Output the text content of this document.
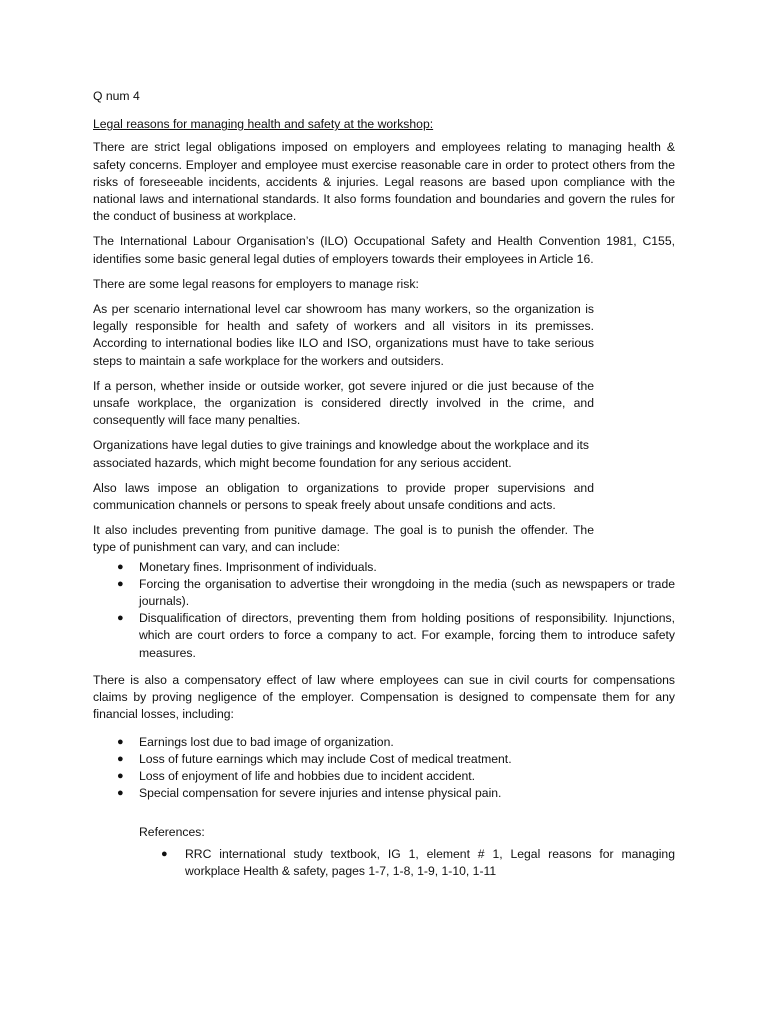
Q num 4

Legal reasons for managing health and safety at the workshop:

There are strict legal obligations imposed on employers and employees relating to managing health & safety concerns. Employer and employee must exercise reasonable care in order to protect others from the risks of foreseeable incidents, accidents & injuries. Legal reasons are based upon compliance with the national laws and international standards. It also forms foundation and boundaries and govern the rules for the conduct of business at workplace.

The International Labour Organisation’s (ILO) Occupational Safety and Health Convention 1981, C155, identifies some basic general legal duties of employers towards their employees in Article 16.

There are some legal reasons for employers to manage risk:

As per scenario international level car showroom has many workers, so the organization is legally responsible for health and safety of workers and all visitors in its premisses. According to international bodies like ILO and ISO, organizations must have to take serious steps to maintain a safe workplace for the workers and outsiders.

If a person, whether inside or outside worker, got severe injured or die just because of the unsafe workplace, the organization is considered directly involved in the crime, and consequently will face many penalties.

Organizations have legal duties to give trainings and knowledge about the workplace and its associated hazards, which might become foundation for any serious accident.

Also laws impose an obligation to organizations to provide proper supervisions and communication channels or persons to speak freely about unsafe conditions and acts.

It also includes preventing from punitive damage. The goal is to punish the offender. The type of punishment can vary, and can include:

● Monetary fines. Imprisonment of individuals.
● Forcing the organisation to advertise their wrongdoing in the media (such as newspapers or trade journals).
● Disqualification of directors, preventing them from holding positions of responsibility. Injunctions, which are court orders to force a company to act. For example, forcing them to introduce safety measures.

There is also a compensatory effect of law where employees can sue in civil courts for compensations claims by proving negligence of the employer. Compensation is designed to compensate them for any financial losses, including:

● Earnings lost due to bad image of organization.
● Loss of future earnings which may include Cost of medical treatment.
● Loss of enjoyment of life and hobbies due to incident accident.
● Special compensation for severe injuries and intense physical pain.

References:

● RRC international study textbook, IG 1, element # 1, Legal reasons for managing workplace Health & safety, pages 1-7, 1-8, 1-9, 1-10, 1-11
